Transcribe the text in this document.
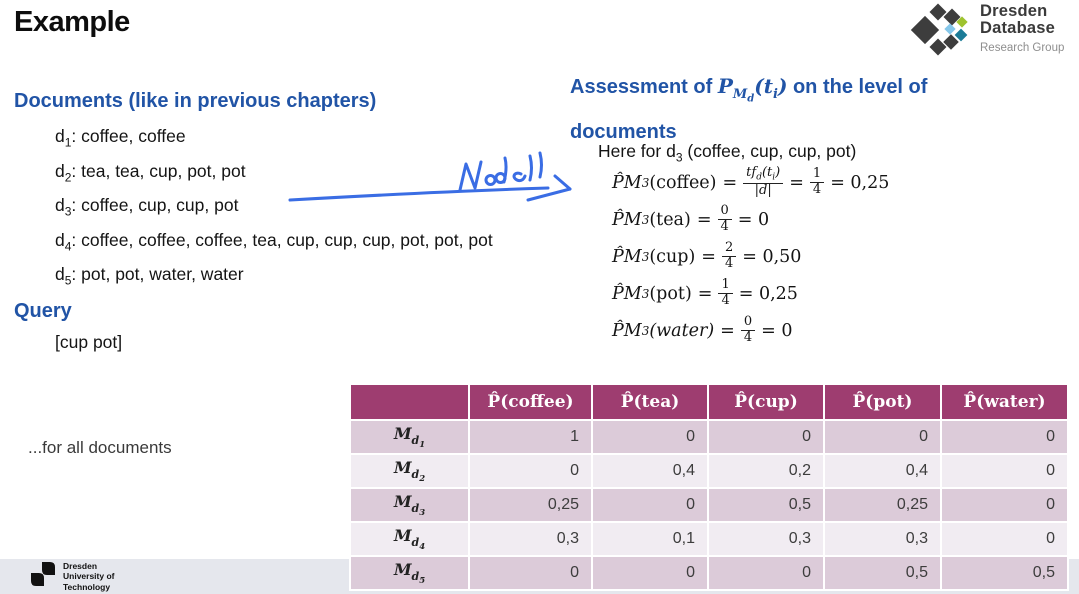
Dresden
University of
Technology
Example	Dresden
Database
Research Group
Documents (like in previous chapters)
$d_1$: coffee, coffee
$d_2$: tea, tea, cup, pot, pot
$d_3$: coffee, cup, cup, pot
$d_4$: coffee, coffee, coffee, tea, cup, cup, cup, pot, pot, pot
$d_5$: pot, pot, water, water
Query
[cup pot]
...for all documents
Assessment of $P_{M_d}(t_i)$ on the level of
documents
Here for $d_3$ (coffee, cup, cup, pot)
P̂M 3 (coffee) = $\frac{tf_d(t_i)}{|d|} = \frac{1}{4} = 0,25$
P̂M 3 $(tea) = \frac{0}{4} = 0$
P̂M 3 $(cup) = \frac{2}{4} = 0,50$
P̂M 3 $(pot) = \frac{1}{4} = 0,25$
P̂M 3 (water) = $\frac{0}{4} = 0$
	P̂(coffee)	P̂(tea)	P̂(cup)	P̂(pot)	P̂(water)
$M_{d_1}$	1	0	0	0	0
$M_{d_2}$	0	0,4	0,2	0,4	0
$M_{d_3}$	0,25	0	0,5	0,25	0
$M_{d_4}$	0,3	0,1	0,3	0,3	0
$M_{d_5}$	0	0	0	0,5	0,5
